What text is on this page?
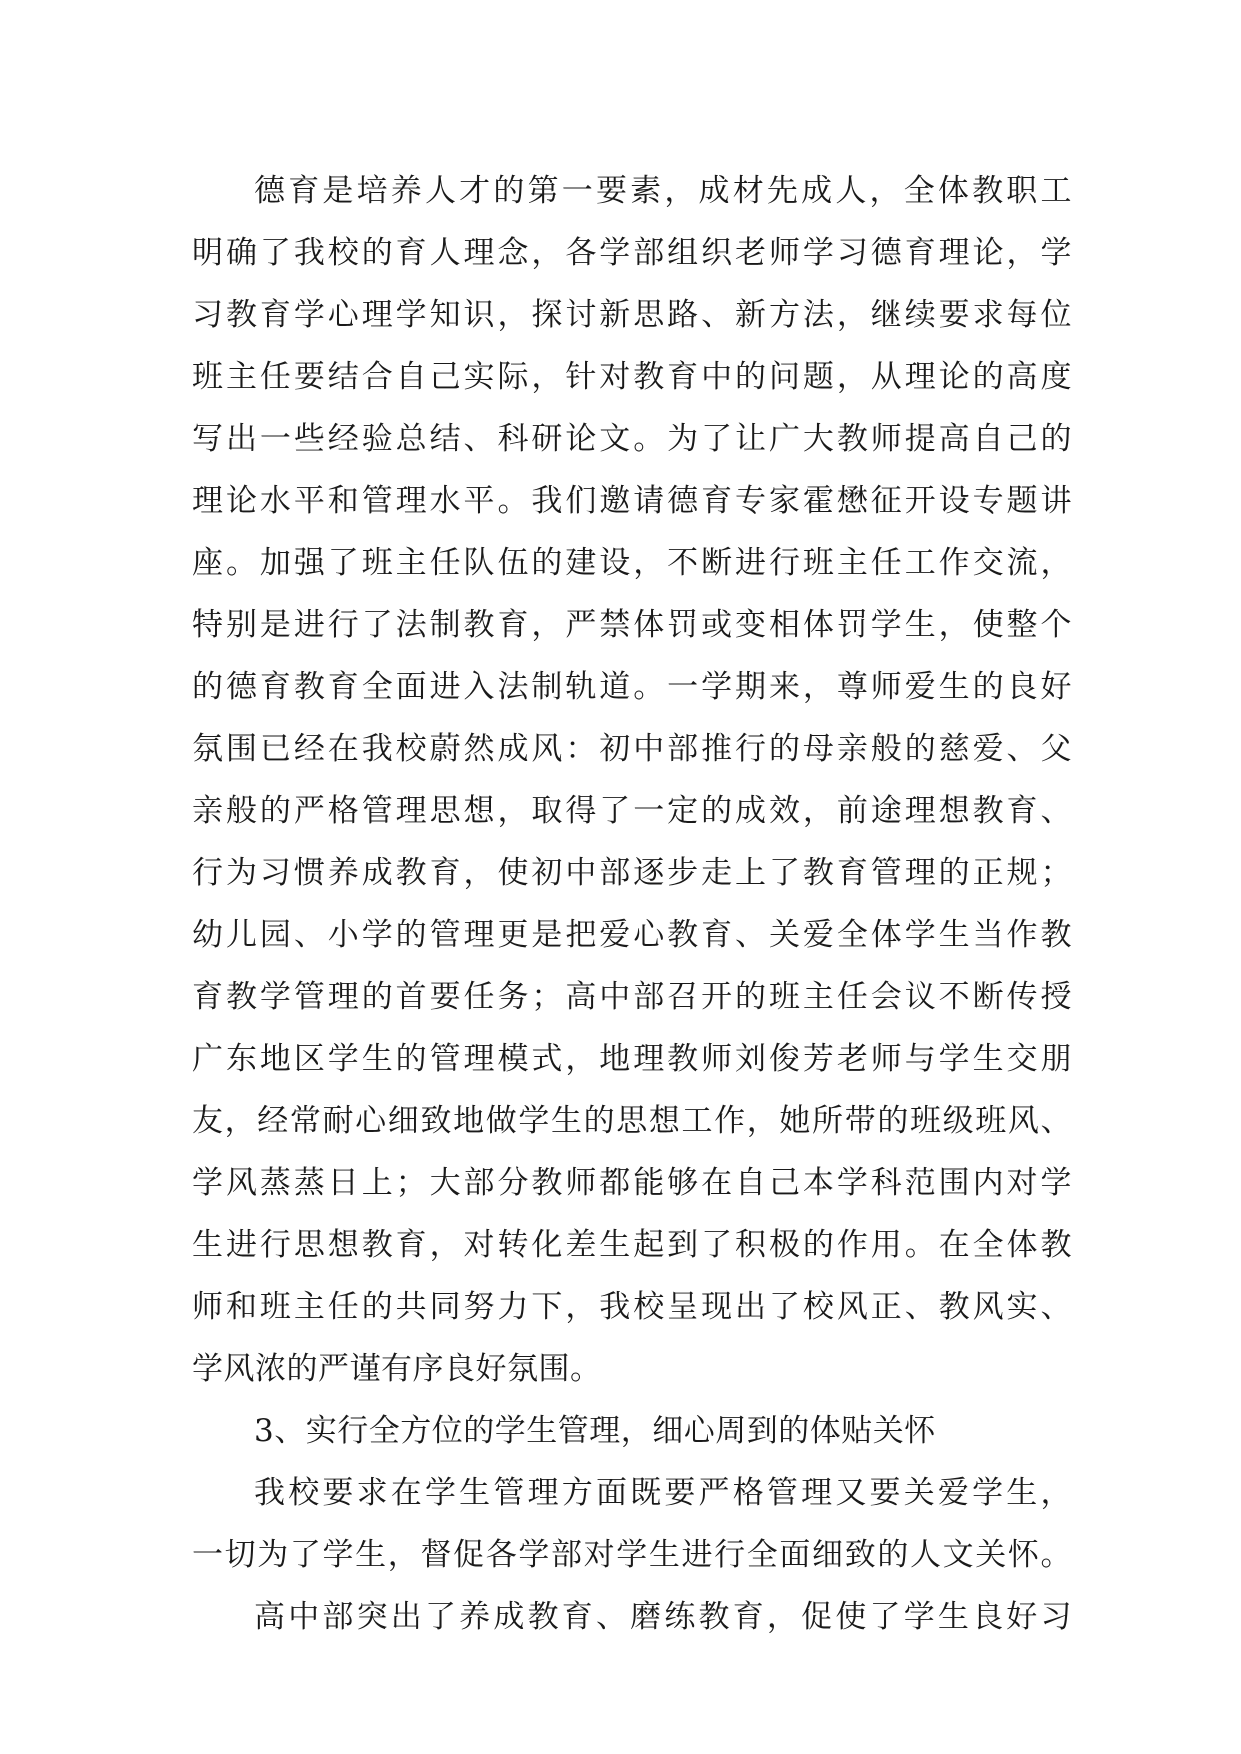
德育是培养人才的第一要素，成材先成人，全体教职工
明确了我校的育人理念，各学部组织老师学习德育理论，学
习教育学心理学知识，探讨新思路、新方法，继续要求每位
班主任要结合自己实际，针对教育中的问题，从理论的高度
写出一些经验总结、科研论文。为了让广大教师提高自己的
理论水平和管理水平。我们邀请德育专家霍懋征开设专题讲
座。加强了班主任队伍的建设，不断进行班主任工作交流，
特别是进行了法制教育，严禁体罚或变相体罚学生，使整个
的德育教育全面进入法制轨道。一学期来，尊师爱生的良好
氛围已经在我校蔚然成风：初中部推行的母亲般的慈爱、父
亲般的严格管理思想，取得了一定的成效，前途理想教育、
行为习惯养成教育，使初中部逐步走上了教育管理的正规；
幼儿园、小学的管理更是把爱心教育、关爱全体学生当作教
育教学管理的首要任务；高中部召开的班主任会议不断传授
广东地区学生的管理模式，地理教师刘俊芳老师与学生交朋
友，经常耐心细致地做学生的思想工作，她所带的班级班风、
学风蒸蒸日上；大部分教师都能够在自己本学科范围内对学
生进行思想教育，对转化差生起到了积极的作用。在全体教
师和班主任的共同努力下，我校呈现出了校风正、教风实、
学风浓的严谨有序良好氛围。
3、实行全方位的学生管理，细心周到的体贴关怀
我校要求在学生管理方面既要严格管理又要关爱学生，
一切为了学生，督促各学部对学生进行全面细致的人文关怀。
高中部突出了养成教育、磨练教育，促使了学生良好习
